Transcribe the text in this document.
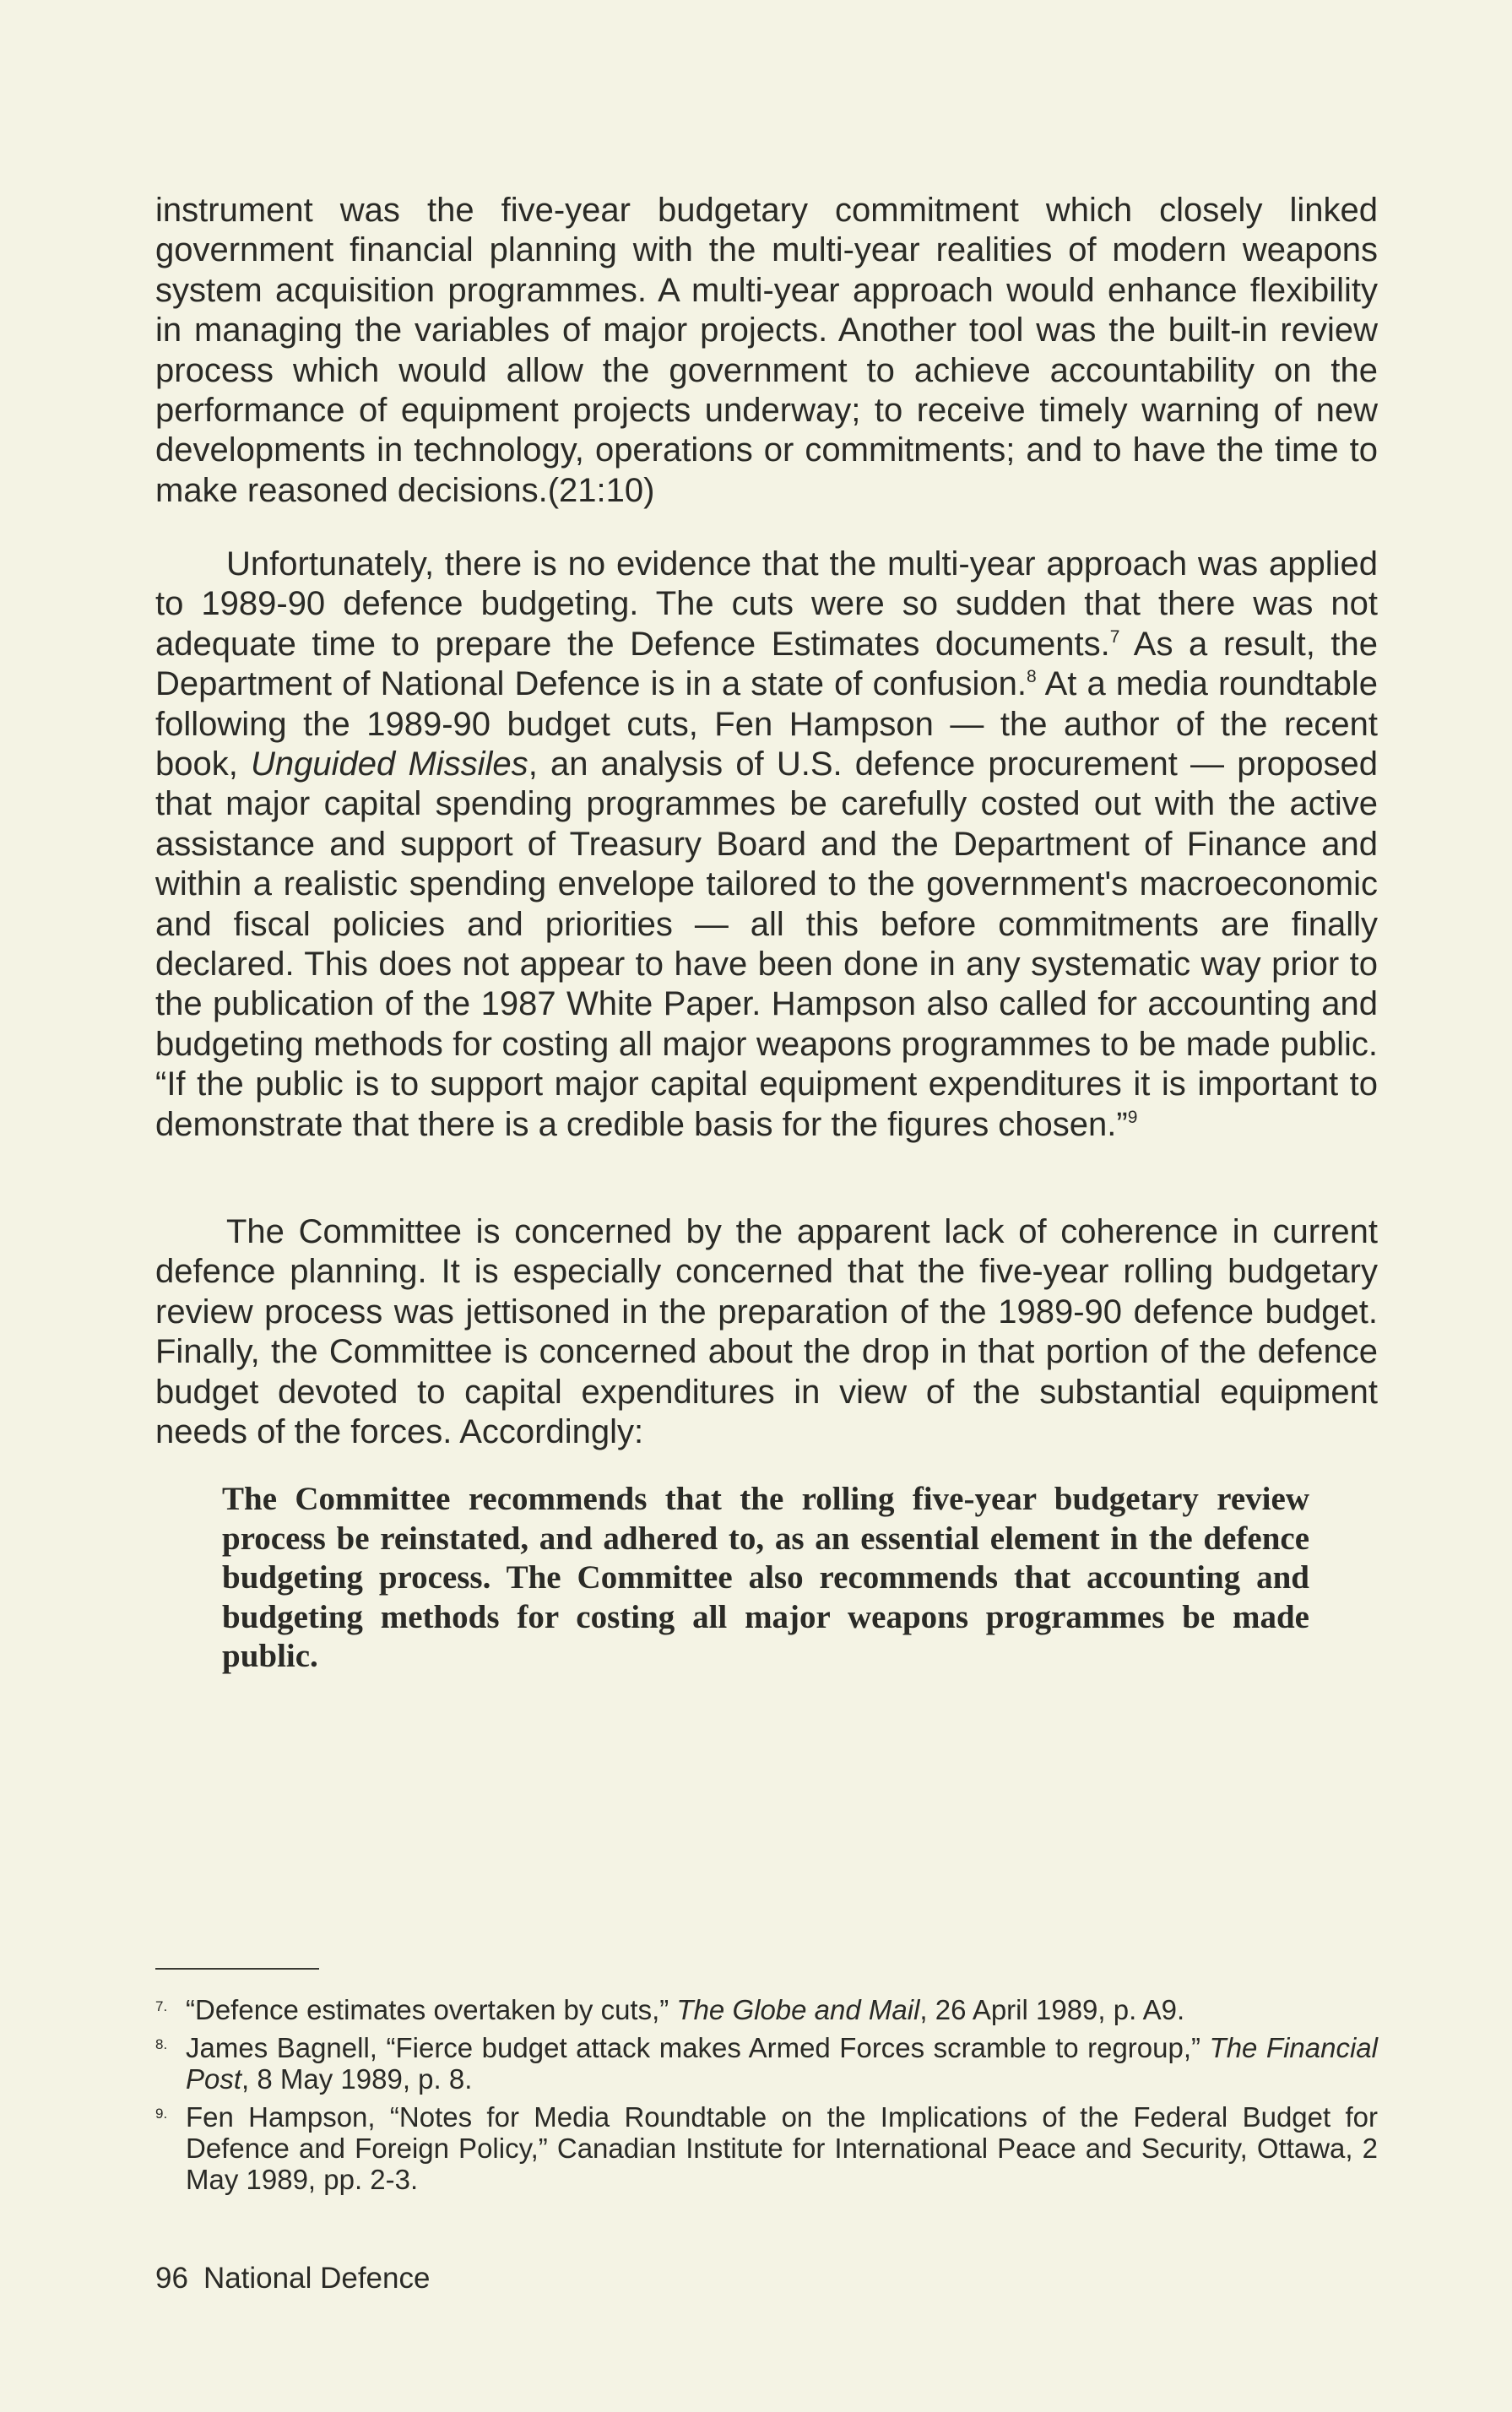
instrument was the five-year budgetary commitment which closely linked government financial planning with the multi-year realities of modern weapons system acquisition programmes. A multi-year approach would enhance flexibility in managing the variables of major projects. Another tool was the built-in review process which would allow the government to achieve accountability on the performance of equipment projects underway; to receive timely warning of new developments in technology, operations or commitments; and to have the time to make reasoned decisions.(21:10)

Unfortunately, there is no evidence that the multi-year approach was applied to 1989-90 defence budgeting. The cuts were so sudden that there was not adequate time to prepare the Defence Estimates documents.$^7$ As a result, the Department of National Defence is in a state of confusion.$^8$ At a media roundtable following the 1989-90 budget cuts, Fen Hampson — the author of the recent book, Unguided Missiles, an analysis of U.S. defence procurement — proposed that major capital spending programmes be carefully costed out with the active assistance and support of Treasury Board and the Department of Finance and within a realistic spending envelope tailored to the government's macroeconomic and fiscal policies and priorities — all this before commitments are finally declared. This does not appear to have been done in any systematic way prior to the publication of the 1987 White Paper. Hampson also called for accounting and budgeting methods for costing all major weapons programmes to be made public. “If the public is to support major capital equipment expenditures it is important to demonstrate that there is a credible basis for the figures chosen.”$^9$

The Committee is concerned by the apparent lack of coherence in current defence planning. It is especially concerned that the five-year rolling budgetary review process was jettisoned in the preparation of the 1989-90 defence budget. Finally, the Committee is concerned about the drop in that portion of the defence budget devoted to capital expenditures in view of the substantial equipment needs of the forces. Accordingly:

The Committee recommends that the rolling five-year budgetary review process be reinstated, and adhered to, as an essential element in the defence budgeting process. The Committee also recommends that accounting and budgeting methods for costing all major weapons programmes be made public.

7. “Defence estimates overtaken by cuts,” The Globe and Mail, 26 April 1989, p. A9.

8. James Bagnell, “Fierce budget attack makes Armed Forces scramble to regroup,” The Financial Post, 8 May 1989, p. 8.

9. Fen Hampson, “Notes for Media Roundtable on the Implications of the Federal Budget for Defence and Foreign Policy,” Canadian Institute for International Peace and Security, Ottawa, 2 May 1989, pp. 2-3.

96 National Defence
